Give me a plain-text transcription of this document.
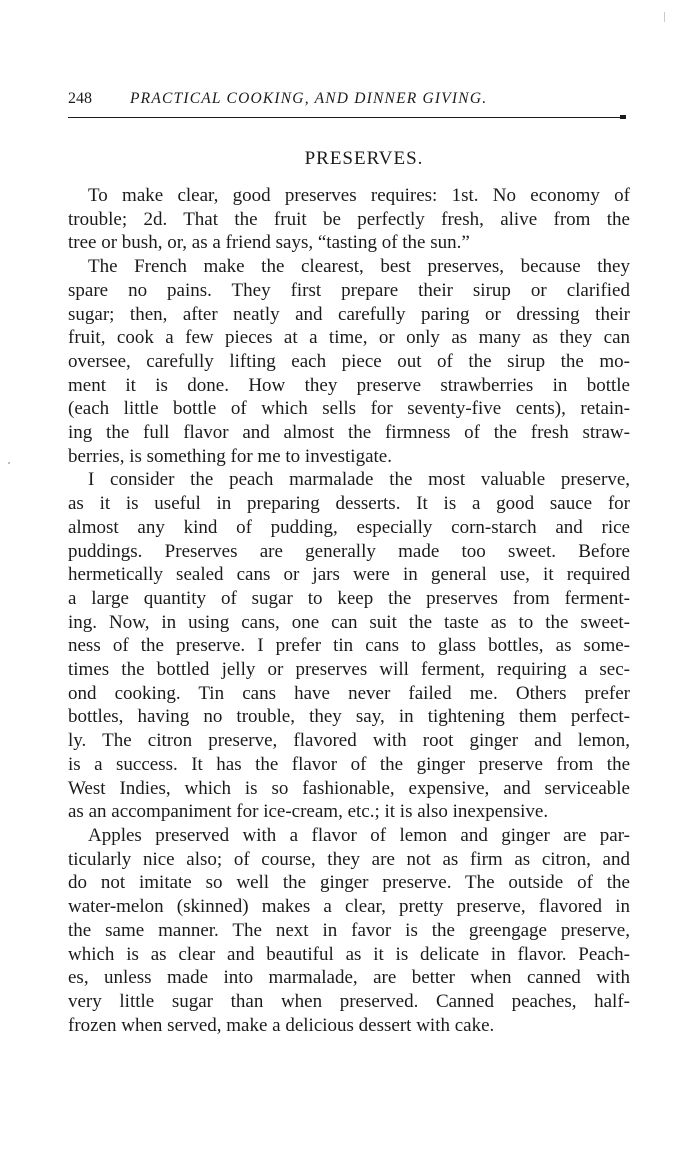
248 PRACTICAL COOKING, AND DINNER GIVING.
PRESERVES.
To make clear, good preserves requires: 1st. No economy of
trouble; 2d. That the fruit be perfectly fresh, alive from the
tree or bush, or, as a friend says, “tasting of the sun.”
The French make the clearest, best preserves, because they
spare no pains. They first prepare their sirup or clarified
sugar; then, after neatly and carefully paring or dressing their
fruit, cook a few pieces at a time, or only as many as they can
oversee, carefully lifting each piece out of the sirup the mo-
ment it is done. How they preserve strawberries in bottle
(each little bottle of which sells for seventy-five cents), retain-
ing the full flavor and almost the firmness of the fresh straw-
berries, is something for me to investigate.
I consider the peach marmalade the most valuable preserve,
as it is useful in preparing desserts. It is a good sauce for
almost any kind of pudding, especially corn-starch and rice
puddings. Preserves are generally made too sweet. Before
hermetically sealed cans or jars were in general use, it required
a large quantity of sugar to keep the preserves from ferment-
ing. Now, in using cans, one can suit the taste as to the sweet-
ness of the preserve. I prefer tin cans to glass bottles, as some-
times the bottled jelly or preserves will ferment, requiring a sec-
ond cooking. Tin cans have never failed me. Others prefer
bottles, having no trouble, they say, in tightening them perfect-
ly. The citron preserve, flavored with root ginger and lemon,
is a success. It has the flavor of the ginger preserve from the
West Indies, which is so fashionable, expensive, and serviceable
as an accompaniment for ice-cream, etc.; it is also inexpensive.
Apples preserved with a flavor of lemon and ginger are par-
ticularly nice also; of course, they are not as firm as citron, and
do not imitate so well the ginger preserve. The outside of the
water-melon (skinned) makes a clear, pretty preserve, flavored in
the same manner. The next in favor is the greengage preserve,
which is as clear and beautiful as it is delicate in flavor. Peach-
es, unless made into marmalade, are better when canned with
very little sugar than when preserved. Canned peaches, half-
frozen when served, make a delicious dessert with cake.
